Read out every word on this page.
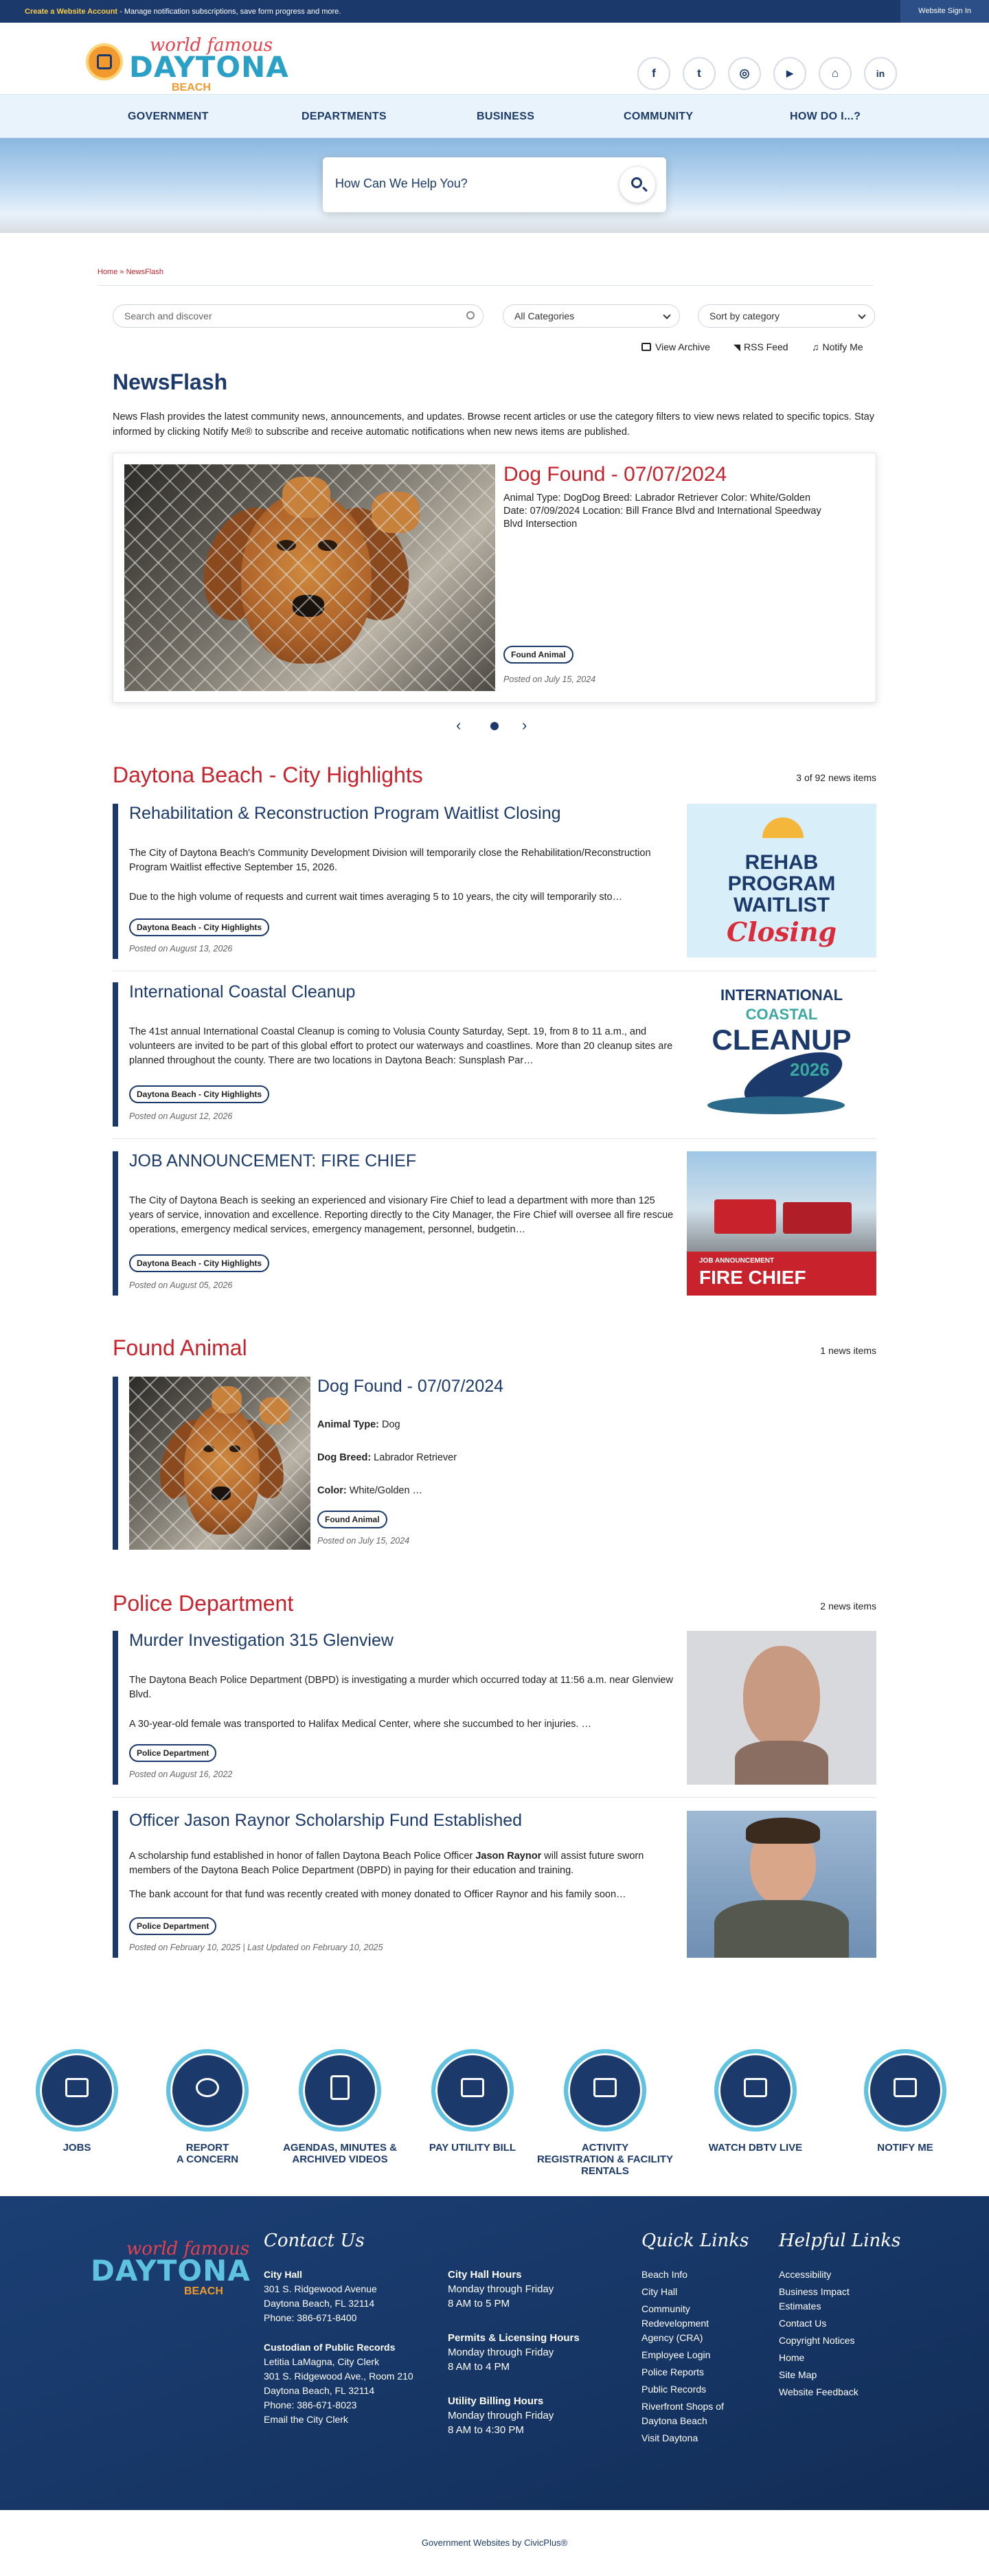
Create a Website Account - Manage notification subscriptions, save form progress and more.	Website Sign In
world famous
DAYTONA
BEACH
f	t	◎	▶	⌂	in
GOVERNMENT	DEPARTMENTS	BUSINESS	COMMUNITY	HOW DO I...?
How Can We Help You?
Home » NewsFlash
Search and discover	All Categories	Sort by category
View Archive	◥ RSS Feed ♫ Notify Me
NewsFlash
News Flash provides the latest community news, announcements, and updates. Browse recent articles or use the category filters to view news related to specific topics. Stay informed by clicking Notify Me® to subscribe and receive automatic notifications when new news items are published.
Dog Found - 07/07/2024
Animal Type: DogDog Breed: Labrador Retriever Color: White/Golden Date: 07/09/2024 Location: Bill France Blvd and International Speedway Blvd Intersection
Found Animal
Posted on July 15, 2024
‹	›
Daytona Beach - City Highlights	3 of 92 news items
Rehabilitation & Reconstruction Program Waitlist Closing
The City of Daytona Beach's Community Development Division will temporarily close the Rehabilitation/Reconstruction Program Waitlist effective September 15, 2026.
Due to the high volume of requests and current wait times averaging 5 to 10 years, the city will temporarily sto…
Daytona Beach - City Highlights
Posted on August 13, 2026
REHAB
PROGRAM
WAITLIST
Closing
International Coastal Cleanup
The 41st annual International Coastal Cleanup is coming to Volusia County Saturday, Sept. 19, from 8 to 11 a.m., and volunteers are invited to be part of this global effort to protect our waterways and coastlines. More than 20 cleanup sites are planned throughout the county. There are two locations in Daytona Beach: Sunsplash Par…
Daytona Beach - City Highlights
Posted on August 12, 2026
INTERNATIONAL
COASTAL
CLEANUP
2026
JOB ANNOUNCEMENT: FIRE CHIEF
The City of Daytona Beach is seeking an experienced and visionary Fire Chief to lead a department with more than 125 years of service, innovation and excellence. Reporting directly to the City Manager, the Fire Chief will oversee all fire rescue operations, emergency medical services, emergency management, personnel, budgetin…
Daytona Beach - City Highlights
Posted on August 05, 2026
JOB ANNOUNCEMENT
FIRE CHIEF
Found Animal	1 news items
Dog Found - 07/07/2024
Animal Type: Dog
Dog Breed: Labrador Retriever
Color: White/Golden …
Found Animal
Posted on July 15, 2024
Police Department	2 news items
Murder Investigation 315 Glenview
The Daytona Beach Police Department (DBPD) is investigating a murder which occurred today at 11:56 a.m. near Glenview Blvd.
A 30-year-old female was transported to Halifax Medical Center, where she succumbed to her injuries. …
Police Department
Posted on August 16, 2022
Officer Jason Raynor Scholarship Fund Established
A scholarship fund established in honor of fallen Daytona Beach Police Officer Jason Raynor will assist future sworn members of the Daytona Beach Police Department (DBPD) in paying for their education and training.
The bank account for that fund was recently created with money donated to Officer Raynor and his family soon…
Police Department
Posted on February 10, 2025 | Last Updated on February 10, 2025
JOBS	REPORT
A CONCERN
AGENDAS, MINUTES &
ARCHIVED VIDEOS
PAY UTILITY BILL	ACTIVITY
REGISTRATION & FACILITY
RENTALS
WATCH DBTV LIVE	NOTIFY ME
world famous
DAYTONA
BEACH
Contact Us
City Hall
301 S. Ridgewood Avenue
Daytona Beach, FL 32114
Phone: 386-671-8400
Custodian of Public Records
Letitia LaMagna, City Clerk
301 S. Ridgewood Ave., Room 210
Daytona Beach, FL 32114
Phone: 386-671-8023
Email the City Clerk
City Hall Hours
Monday through Friday
8 AM to 5 PM
Permits & Licensing Hours
Monday through Friday
8 AM to 4 PM
Utility Billing Hours
Monday through Friday
8 AM to 4:30 PM
Quick Links
Beach Info
City Hall
Community
Redevelopment
Agency (CRA)
Employee Login
Police Reports
Public Records
Riverfront Shops of
Daytona Beach
Visit Daytona
Helpful Links
Accessibility
Business Impact
Estimates
Contact Us
Copyright Notices
Home
Site Map
Website Feedback
Government Websites by CivicPlus®
